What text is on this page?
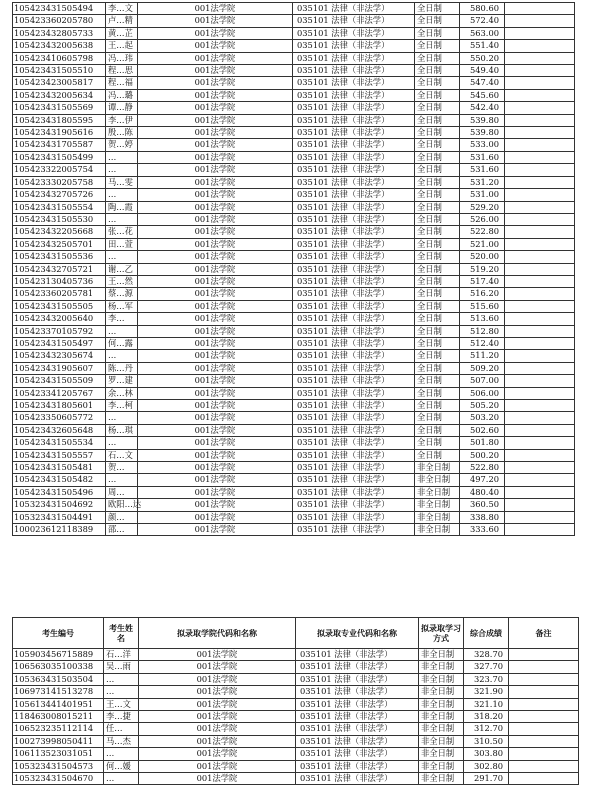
105423431505494	李…文	001法学院	035101 法律（非法学）	全日制	580.60	
105423360205780	卢…精	001法学院	035101 法律（非法学）	全日制	572.40	
105423432805733	黄…芷	001法学院	035101 法律（非法学）	全日制	563.00	
105423432005638	王…起	001法学院	035101 法律（非法学）	全日制	551.40	
105423410605798	冯…玮	001法学院	035101 法律（非法学）	全日制	550.20	
105423431505510	程…思	001法学院	035101 法律（非法学）	全日制	549.40	
105423423005817	程…福	001法学院	035101 法律（非法学）	全日制	547.40	
105423432005634	冯…璐	001法学院	035101 法律（非法学）	全日制	545.60	
105423431505569	谭…静	001法学院	035101 法律（非法学）	全日制	542.40	
105423431805595	李…伊	001法学院	035101 法律（非法学）	全日制	539.80	
105423431905616	殷…陈	001法学院	035101 法律（非法学）	全日制	539.80	
105423431705587	贺…婷	001法学院	035101 法律（非法学）	全日制	533.00	
105423431505499	…	001法学院	035101 法律（非法学）	全日制	531.60	
105423322005754	…	001法学院	035101 法律（非法学）	全日制	531.60	
105423330205758	马…雯	001法学院	035101 法律（非法学）	全日制	531.20	
105423432705726	…	001法学院	035101 法律（非法学）	全日制	531.00	
105423431505554	陶…霞	001法学院	035101 法律（非法学）	全日制	529.20	
105423431505530	…	001法学院	035101 法律（非法学）	全日制	526.00	
105423432205668	张…花	001法学院	035101 法律（非法学）	全日制	522.80	
105423432505701	田…萱	001法学院	035101 法律（非法学）	全日制	521.00	
105423431505536	…	001法学院	035101 法律（非法学）	全日制	520.00	
105423432705721	谢…乙	001法学院	035101 法律（非法学）	全日制	519.20	
105423130405736	王…然	001法学院	035101 法律（非法学）	全日制	517.40	
105423360205781	蔡…源	001法学院	035101 法律（非法学）	全日制	516.20	
105423431505505	杨…军	001法学院	035101 法律（非法学）	全日制	515.60	
105423432005640	李…	001法学院	035101 法律（非法学）	全日制	513.60	
105423370105792	…	001法学院	035101 法律（非法学）	全日制	512.80	
105423431505497	何…露	001法学院	035101 法律（非法学）	全日制	512.40	
105423432305674	…	001法学院	035101 法律（非法学）	全日制	511.20	
105423431905607	陈…丹	001法学院	035101 法律（非法学）	全日制	509.20	
105423431505509	罗…建	001法学院	035101 法律（非法学）	全日制	507.00	
105423341205767	余…林	001法学院	035101 法律（非法学）	全日制	506.00	
105423431805601	李…柯	001法学院	035101 法律（非法学）	全日制	505.20	
105423350605772	…	001法学院	035101 法律（非法学）	全日制	503.20	
105423432605648	杨…琪	001法学院	035101 法律（非法学）	全日制	502.60	
105423431505534	…	001法学院	035101 法律（非法学）	全日制	501.80	
105423431505557	石…文	001法学院	035101 法律（非法学）	全日制	500.20	
105423431505481	贺…	001法学院	035101 法律（非法学）	非全日制	522.80	
105423431505482	…	001法学院	035101 法律（非法学）	非全日制	497.20	
105423431505496	周…	001法学院	035101 法律（非法学）	非全日制	480.40	
105323431504692	欧阳…达	001法学院	035101 法律（非法学）	非全日制	360.50	
105323431504491	颜…	001法学院	035101 法律（非法学）	非全日制	338.80	
100023612118389	邵…	001法学院	035101 法律（非法学）	非全日制	333.60	
考生编号	考生姓名	拟录取学院代码和名称	拟录取专业代码和名称	拟录取学习方式	综合成绩	备注
105903456715889	石…洋	001法学院	035101 法律（非法学）	非全日制	328.70	
106563035100338	吴…雨	001法学院	035101 法律（非法学）	非全日制	327.70	
105363431503504	…	001法学院	035101 法律（非法学）	非全日制	323.70	
106973141513278	…	001法学院	035101 法律（非法学）	非全日制	321.90	
105613441401951	王…文	001法学院	035101 法律（非法学）	非全日制	321.10	
118463008015211	李…捷	001法学院	035101 法律（非法学）	非全日制	318.20	
106523235112114	任…	001法学院	035101 法律（非法学）	非全日制	312.70	
100273998050411	马…杰	001法学院	035101 法律（非法学）	非全日制	310.50	
106113523031051	…	001法学院	035101 法律（非法学）	非全日制	303.80	
105323431504573	何…媛	001法学院	035101 法律（非法学）	非全日制	302.80	
105323431504670	…	001法学院	035101 法律（非法学）	非全日制	291.70	
